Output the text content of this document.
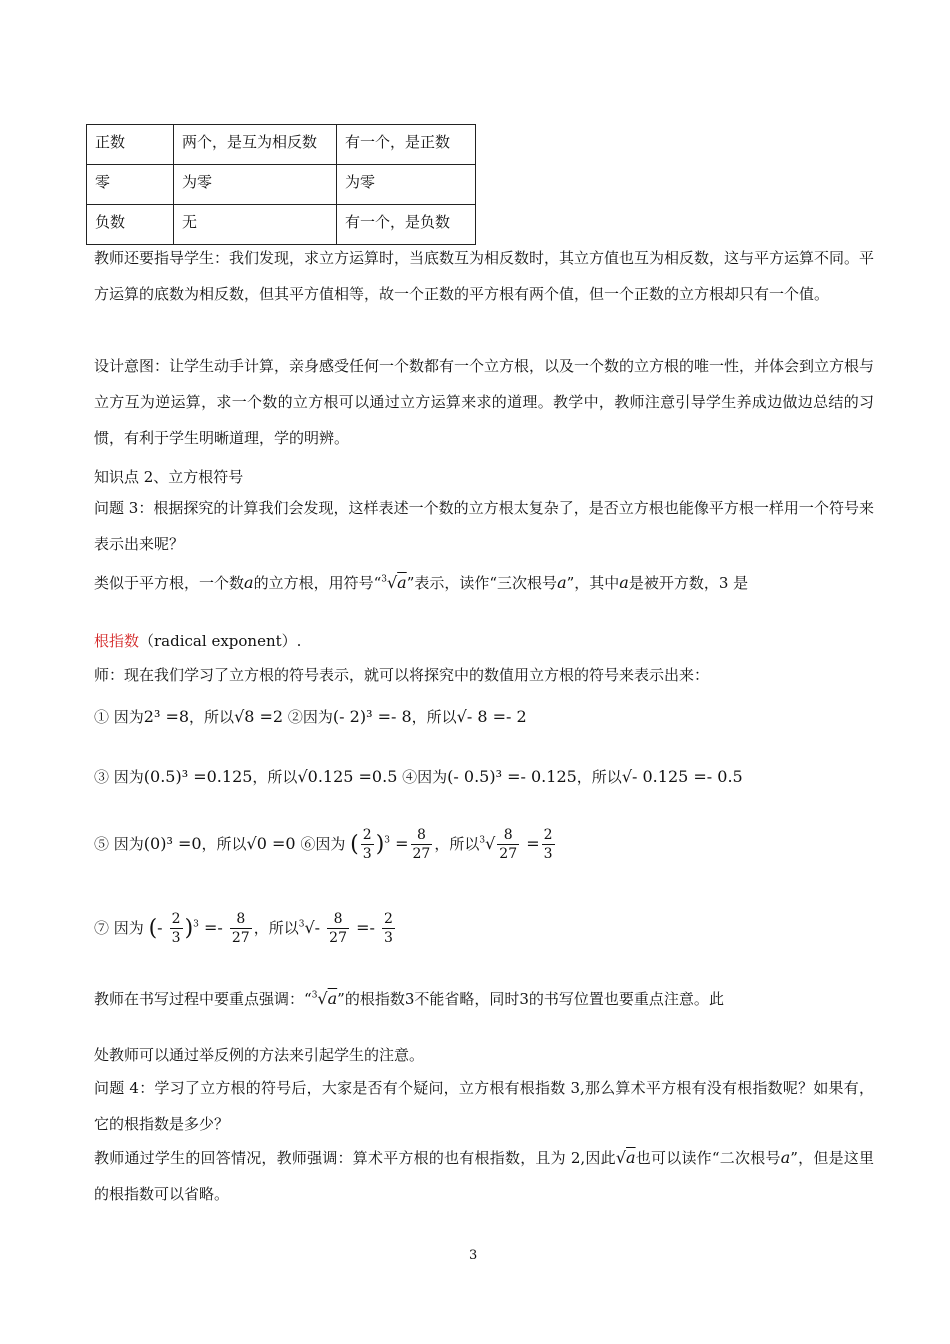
正数	两个，是互为相反数	有一个，是正数
零	为零	为零
负数	无	有一个，是负数
教师还要指导学生：我们发现，求立方运算时，当底数互为相反数时，其立方值也互为相反数，这与平方运算不同。平方运算的底数为相反数，但其平方值相等，故一个正数的平方根有两个值，但一个正数的立方根却只有一个值。
设计意图：让学生动手计算，亲身感受任何一个数都有一个立方根，以及一个数的立方根的唯一性，并体会到立方根与立方互为逆运算，求一个数的立方根可以通过立方运算来求的道理。教学中，教师注意引导学生养成边做边总结的习惯，有利于学生明晰道理，学的明辨。
知识点 2、立方根符号
问题 3：根据探究的计算我们会发现，这样表述一个数的立方根太复杂了，是否立方根也能像平方根一样用一个符号来表示出来呢？
类似于平方根，一个数a的立方根，用符号“$^3$√a”表示，读作“三次根号a”，其中a是被开方数，3 是
根指数（radical exponent）.
师：现在我们学习了立方根的符号表示，就可以将探究中的数值用立方根的符号来表示出来：
① 因为2³ =8，所以√8 =2 ②因为(- 2)³ =- 8，所以√- 8 =- 2
③ 因为(0.5)³ =0.125，所以√0.125 =0.5 ④因为(- 0.5)³ =- 0.125，所以√- 0.125 =- 0.5
⑤ 因为(0)³ =0，所以√0 =0 ⑥因为 ( $\frac{2}{3} )^3 = \frac{8}{27}$ ，所以$^3√ \frac{8}{27} = \frac{2}{3}$
⑦ 因为 (- $\frac{2}{3} )^3 =- \frac{8}{27}$ ，所以$^3√- \frac{8}{27} =- \frac{2}{3}$
教师在书写过程中要重点强调：“$^3$√a”的根指数3不能省略，同时3的书写位置也要重点注意。此
处教师可以通过举反例的方法来引起学生的注意。
问题 4：学习了立方根的符号后，大家是否有个疑问，立方根有根指数 3,那么算术平方根有没有根指数呢？如果有，它的根指数是多少？
教师通过学生的回答情况，教师强调：算术平方根的也有根指数，且为 2,因此√a也可以读作“二次根号a”，但是这里的根指数可以省略。
3
